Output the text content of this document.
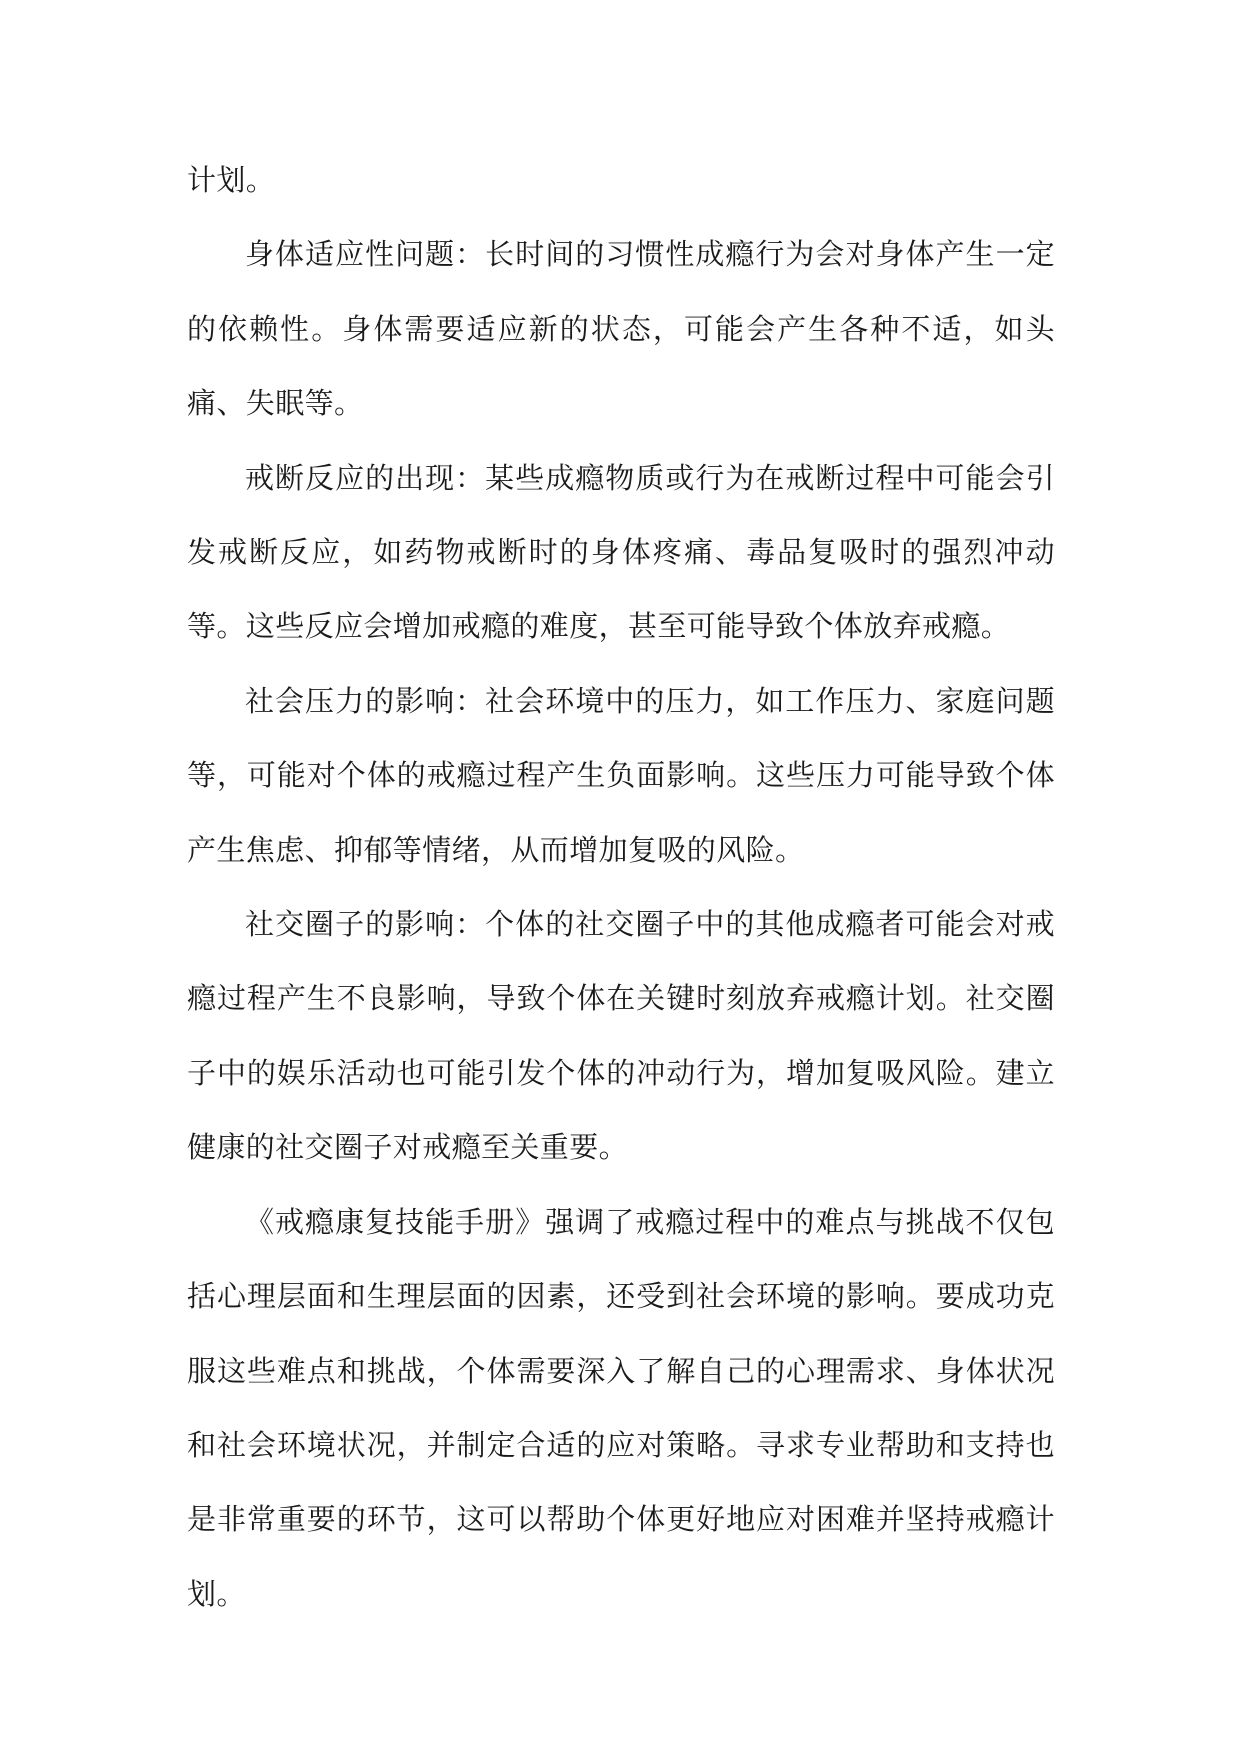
计划。

身体适应性问题：长时间的习惯性成瘾行为会对身体产生一定的依赖性。身体需要适应新的状态，可能会产生各种不适，如头痛、失眠等。

戒断反应的出现：某些成瘾物质或行为在戒断过程中可能会引发戒断反应，如药物戒断时的身体疼痛、毒品复吸时的强烈冲动等。这些反应会增加戒瘾的难度，甚至可能导致个体放弃戒瘾。

社会压力的影响：社会环境中的压力，如工作压力、家庭问题等，可能对个体的戒瘾过程产生负面影响。这些压力可能导致个体产生焦虑、抑郁等情绪，从而增加复吸的风险。

社交圈子的影响：个体的社交圈子中的其他成瘾者可能会对戒瘾过程产生不良影响，导致个体在关键时刻放弃戒瘾计划。社交圈子中的娱乐活动也可能引发个体的冲动行为，增加复吸风险。建立健康的社交圈子对戒瘾至关重要。

《戒瘾康复技能手册》强调了戒瘾过程中的难点与挑战不仅包括心理层面和生理层面的因素，还受到社会环境的影响。要成功克服这些难点和挑战，个体需要深入了解自己的心理需求、身体状况和社会环境状况，并制定合适的应对策略。寻求专业帮助和支持也是非常重要的环节，这可以帮助个体更好地应对困难并坚持戒瘾计划。
